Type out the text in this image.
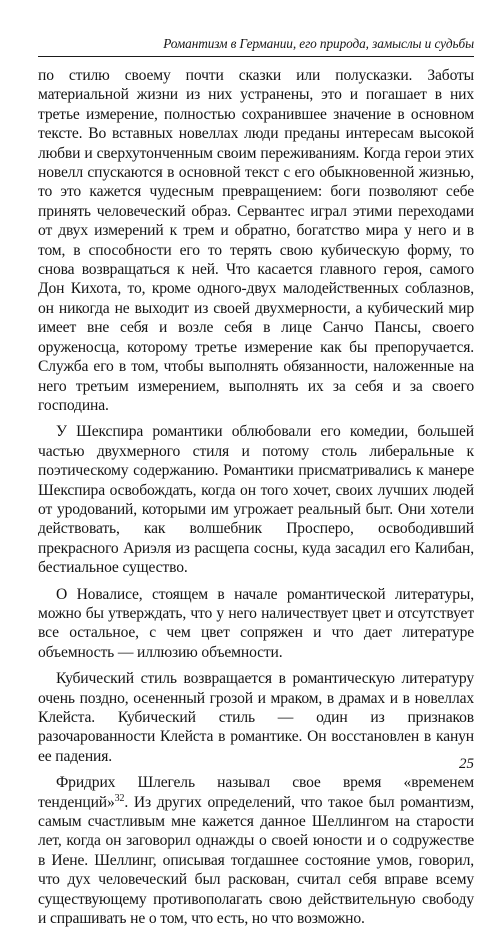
Романтизм в Германии, его природа, замыслы и судьбы

по стилю своему почти сказки или полусказки. Заботы материальной жизни из них устранены, это и погашает в них третье измерение, полностью сохранившее значение в основном тексте. Во вставных новеллах люди преданы интересам высокой любви и сверхутонченным своим переживаниям. Когда герои этих новелл спускаются в основной текст с его обыкновенной жизнью, то это кажется чудесным превращением: боги позволяют себе принять человеческий образ. Сервантес играл этими переходами от двух измерений к трем и обратно, богатство мира у него и в том, в способности его то терять свою кубическую форму, то снова возвращаться к ней. Что касается главного героя, самого Дон Кихота, то, кроме одного-двух малодейственных соблазнов, он никогда не выходит из своей двухмерности, а кубический мир имеет вне себя и возле себя в лице Санчо Пансы, своего оруженосца, которому третье измерение как бы препоручается. Служба его в том, чтобы выполнять обязанности, наложенные на него третьим измерением, выполнять их за себя и за своего господина.

У Шекспира романтики облюбовали его комедии, большей частью двухмерного стиля и потому столь либеральные к поэтическому содержанию. Романтики присматривались к манере Шекспира освобождать, когда он того хочет, своих лучших людей от уродований, которыми им угрожает реальный быт. Они хотели действовать, как волшебник Просперо, освободивший прекрасного Ариэля из расщепа сосны, куда засадил его Калибан, бестиальное существо.

О Новалисе, стоящем в начале романтической литературы, можно бы утверждать, что у него наличествует цвет и отсутствует все остальное, с чем цвет сопряжен и что дает литературе объемность — иллюзию объемности.

Кубический стиль возвращается в романтическую литературу очень поздно, осененный грозой и мраком, в драмах и в новеллах Клейста. Кубический стиль — один из признаков разочарованности Клейста в романтике. Он восстановлен в канун ее падения.

Фридрих Шлегель называл свое время «временем тенденций»$^{32}$. Из других определений, что такое был романтизм, самым счастливым мне кажется данное Шеллингом на старости лет, когда он заговорил однажды о своей юности и о содружестве в Иене. Шеллинг, описывая тогдашнее состояние умов, говорил, что дух человеческий был раскован, считал себя вправе всему существующему противополагать свою действительную свободу и спрашивать не о том, что есть, но что возможно.

25
